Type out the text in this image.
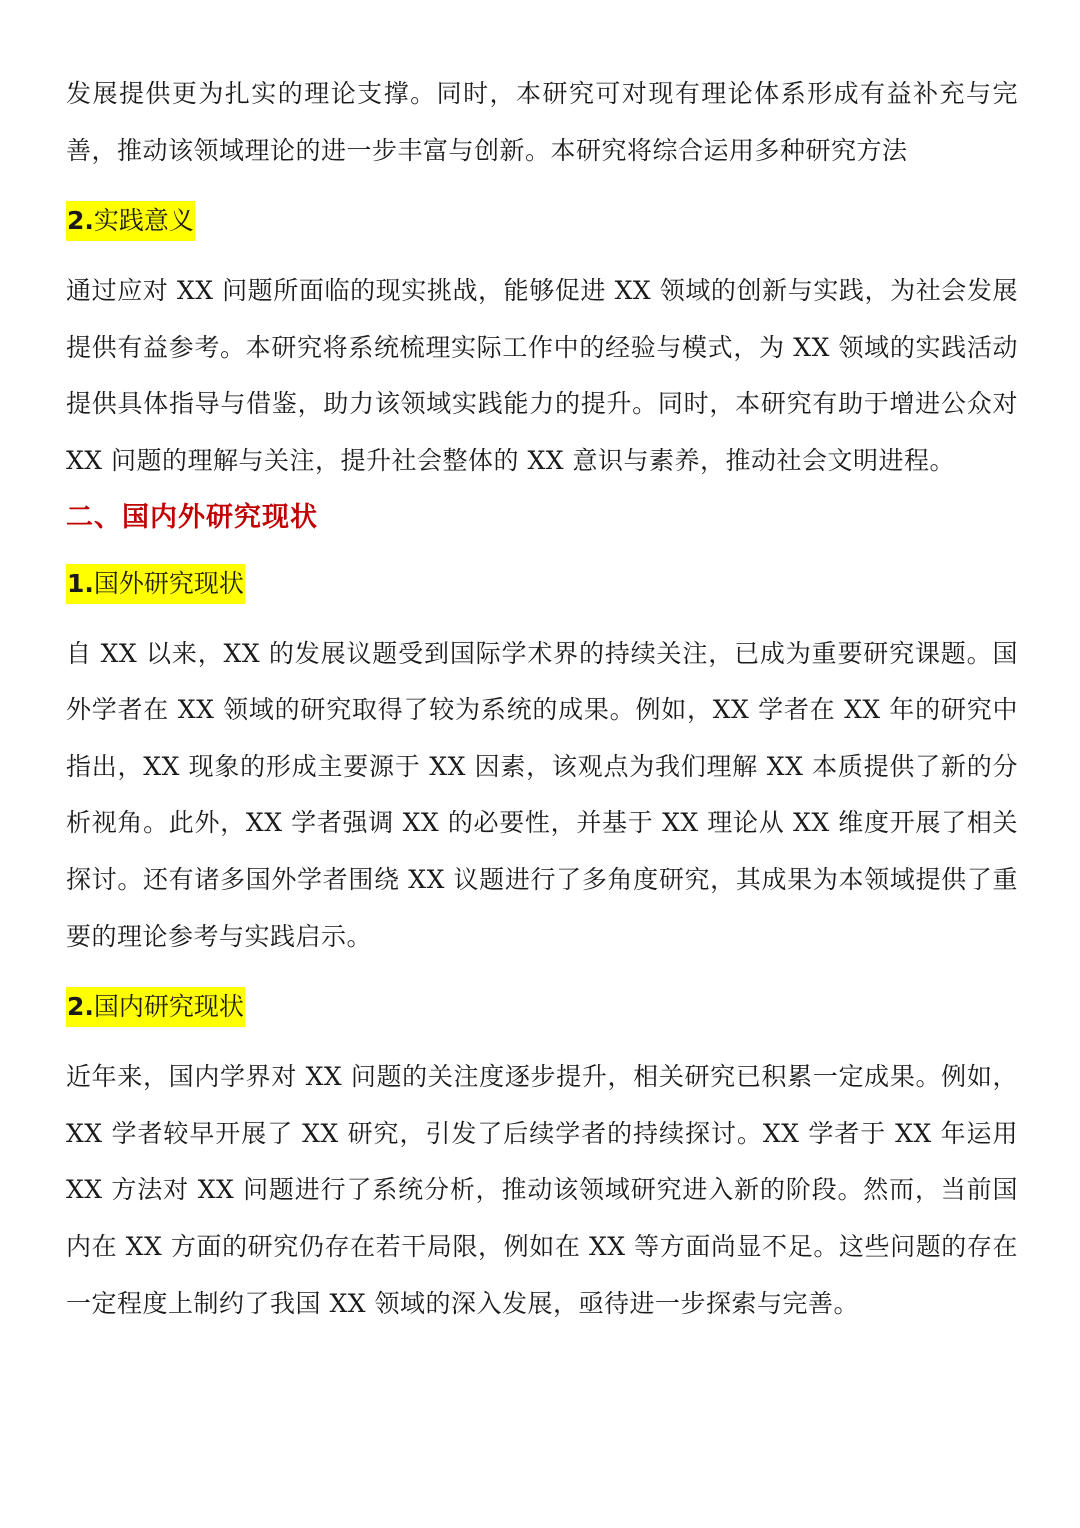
发展提供更为扎实的理论支撑。同时，本研究可对现有理论体系形成有益补充与完善，推动该领域理论的进一步丰富与创新。本研究将综合运用多种研究方法

2.实践意义

通过应对 XX 问题所面临的现实挑战，能够促进 XX 领域的创新与实践，为社会发展提供有益参考。本研究将系统梳理实际工作中的经验与模式，为 XX 领域的实践活动提供具体指导与借鉴，助力该领域实践能力的提升。同时，本研究有助于增进公众对 XX 问题的理解与关注，提升社会整体的 XX 意识与素养，推动社会文明进程。

二、国内外研究现状
1.国外研究现状

自 XX 以来，XX 的发展议题受到国际学术界的持续关注，已成为重要研究课题。国外学者在 XX 领域的研究取得了较为系统的成果。例如，XX 学者在 XX 年的研究中指出，XX 现象的形成主要源于 XX 因素，该观点为我们理解 XX 本质提供了新的分析视角。此外，XX 学者强调 XX 的必要性，并基于 XX 理论从 XX 维度开展了相关探讨。还有诸多国外学者围绕 XX 议题进行了多角度研究，其成果为本领域提供了重要的理论参考与实践启示。

2.国内研究现状

近年来，国内学界对 XX 问题的关注度逐步提升，相关研究已积累一定成果。例如，XX 学者较早开展了 XX 研究，引发了后续学者的持续探讨。XX 学者于 XX 年运用 XX 方法对 XX 问题进行了系统分析，推动该领域研究进入新的阶段。然而，当前国内在 XX 方面的研究仍存在若干局限，例如在 XX 等方面尚显不足。这些问题的存在一定程度上制约了我国 XX 领域的深入发展，亟待进一步探索与完善。
